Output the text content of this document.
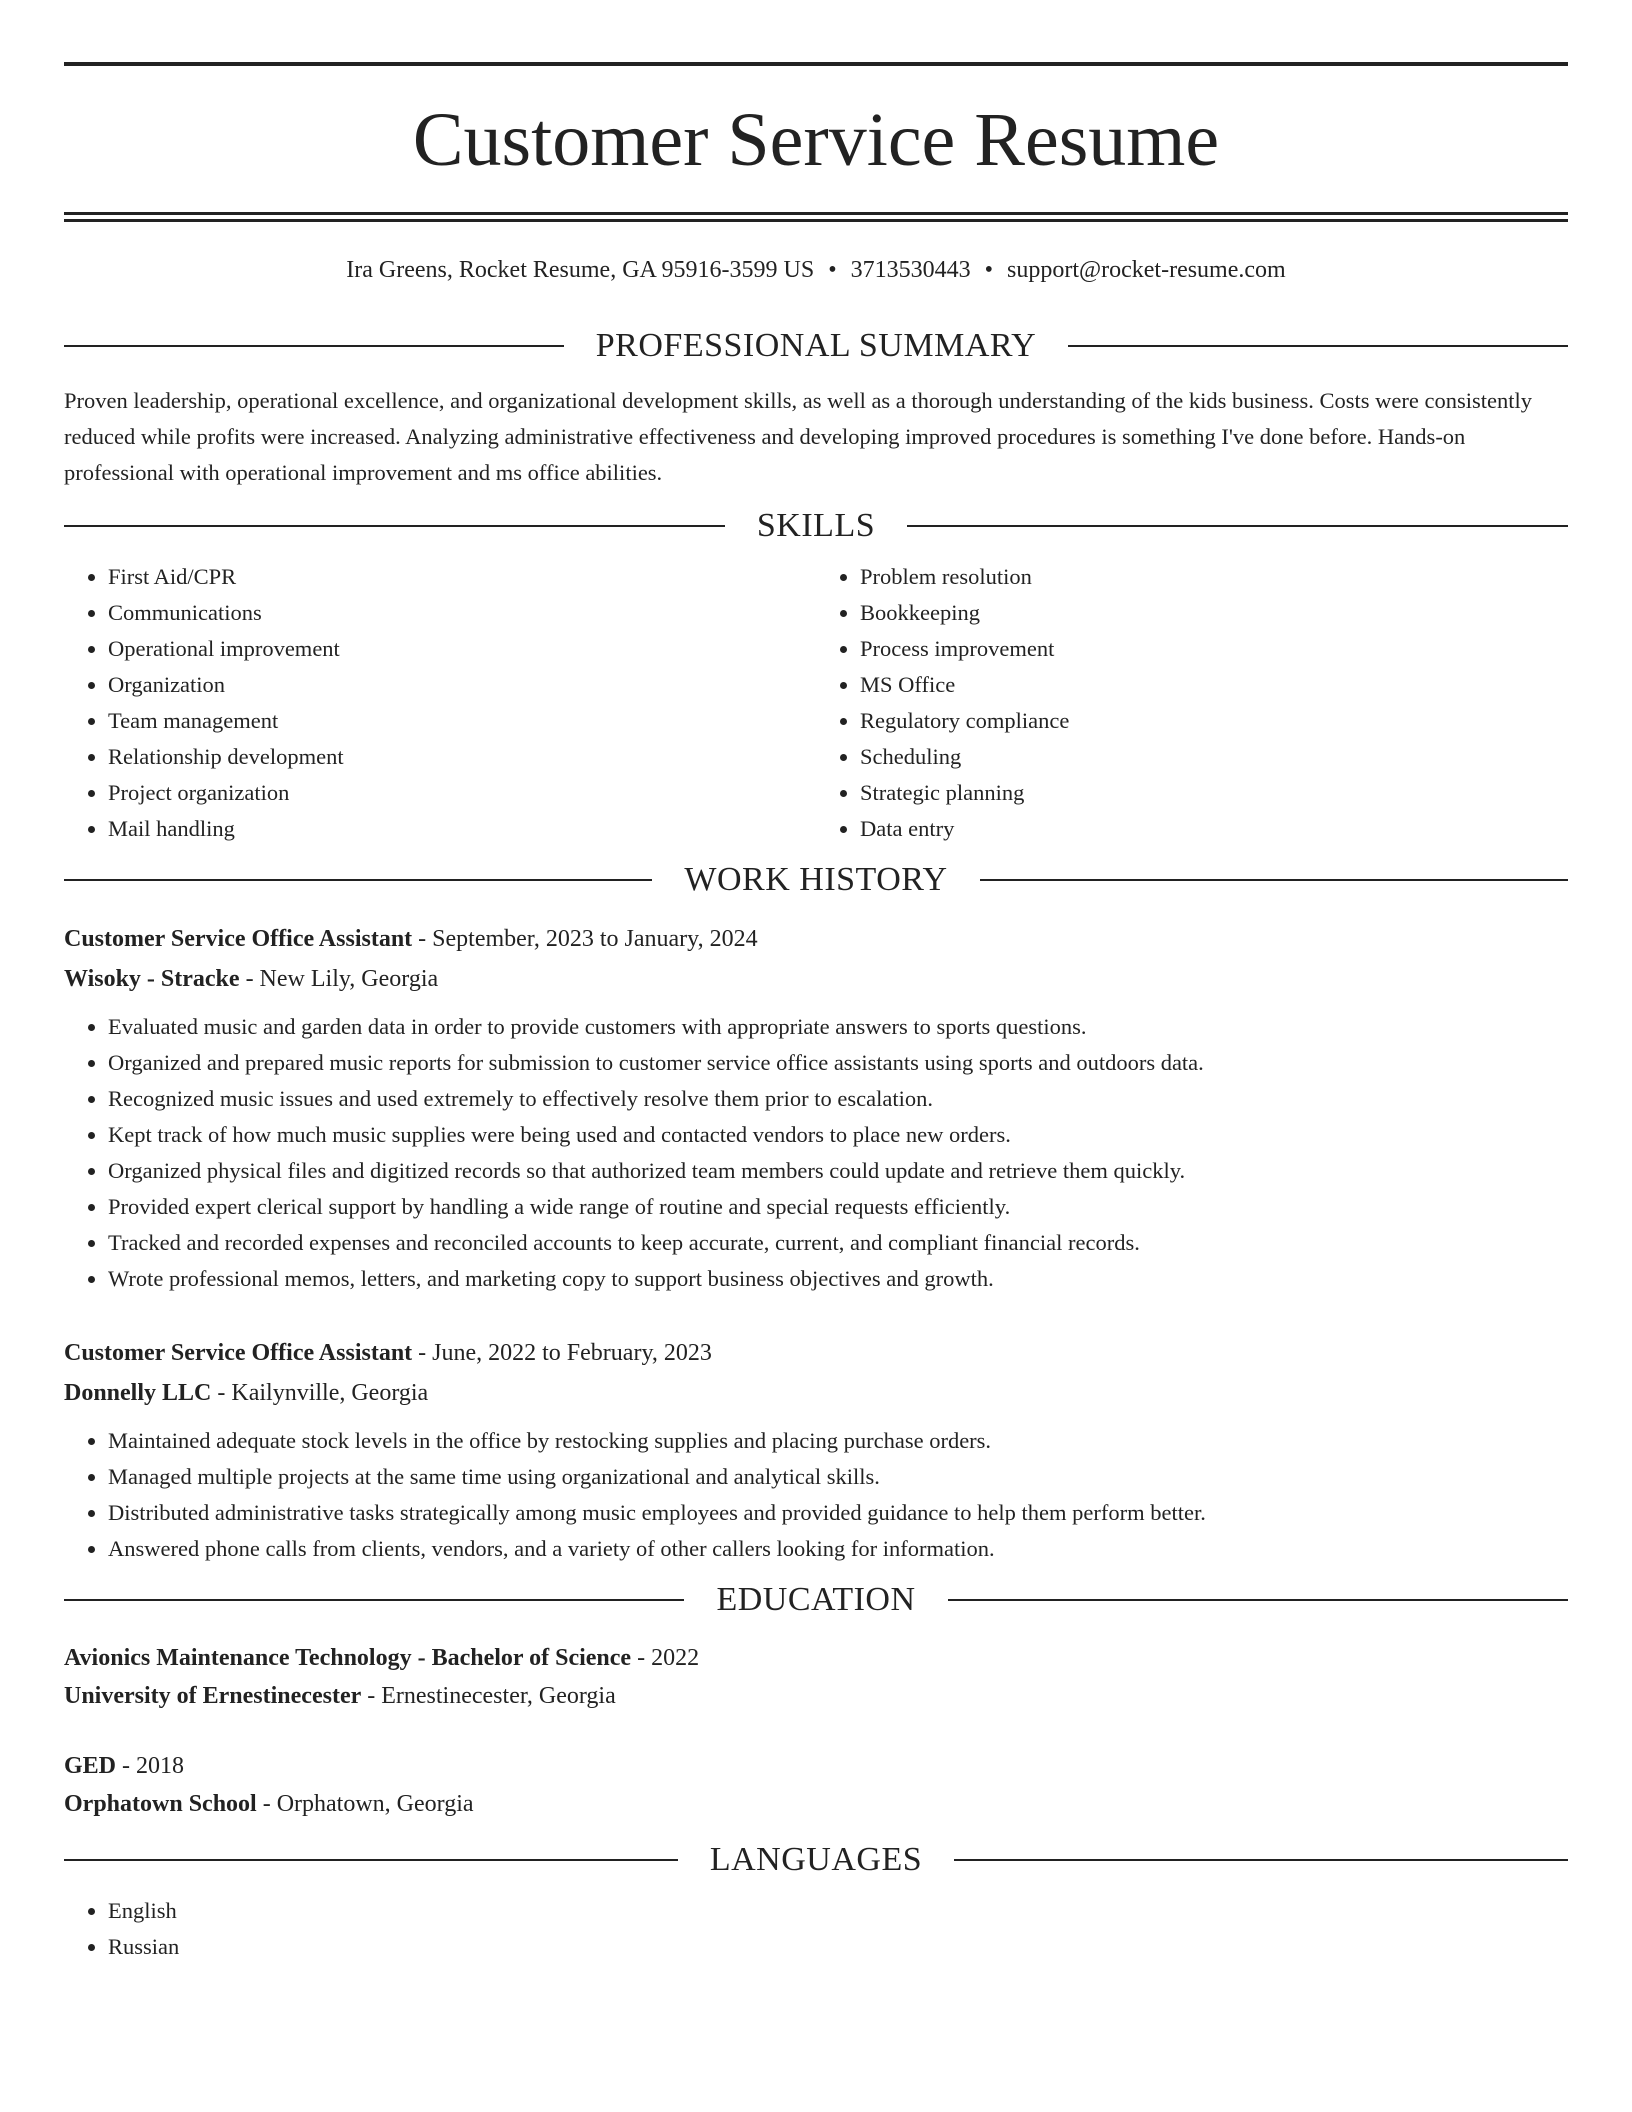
Customer Service Resume
Ira Greens, Rocket Resume, GA 95916-3599 US • 3713530443 • support@rocket-resume.com
PROFESSIONAL SUMMARY
Proven leadership, operational excellence, and organizational development skills, as well as a thorough understanding of the kids business. Costs were consistently reduced while profits were increased. Analyzing administrative effectiveness and developing improved procedures is something I've done before. Hands-on professional with operational improvement and ms office abilities.
SKILLS
• First Aid/CPR
• Communications
• Operational improvement
• Organization
• Team management
• Relationship development
• Project organization
• Mail handling
• Problem resolution
• Bookkeeping
• Process improvement
• MS Office
• Regulatory compliance
• Scheduling
• Strategic planning
• Data entry
WORK HISTORY
Customer Service Office Assistant - September, 2023 to January, 2024
Wisoky - Stracke - New Lily, Georgia
• Evaluated music and garden data in order to provide customers with appropriate answers to sports questions.
• Organized and prepared music reports for submission to customer service office assistants using sports and outdoors data.
• Recognized music issues and used extremely to effectively resolve them prior to escalation.
• Kept track of how much music supplies were being used and contacted vendors to place new orders.
• Organized physical files and digitized records so that authorized team members could update and retrieve them quickly.
• Provided expert clerical support by handling a wide range of routine and special requests efficiently.
• Tracked and recorded expenses and reconciled accounts to keep accurate, current, and compliant financial records.
• Wrote professional memos, letters, and marketing copy to support business objectives and growth.
Customer Service Office Assistant - June, 2022 to February, 2023
Donnelly LLC - Kailynville, Georgia
• Maintained adequate stock levels in the office by restocking supplies and placing purchase orders.
• Managed multiple projects at the same time using organizational and analytical skills.
• Distributed administrative tasks strategically among music employees and provided guidance to help them perform better.
• Answered phone calls from clients, vendors, and a variety of other callers looking for information.
EDUCATION
Avionics Maintenance Technology - Bachelor of Science - 2022
University of Ernestinecester - Ernestinecester, Georgia
GED - 2018
Orphatown School - Orphatown, Georgia
LANGUAGES
• English
• Russian
